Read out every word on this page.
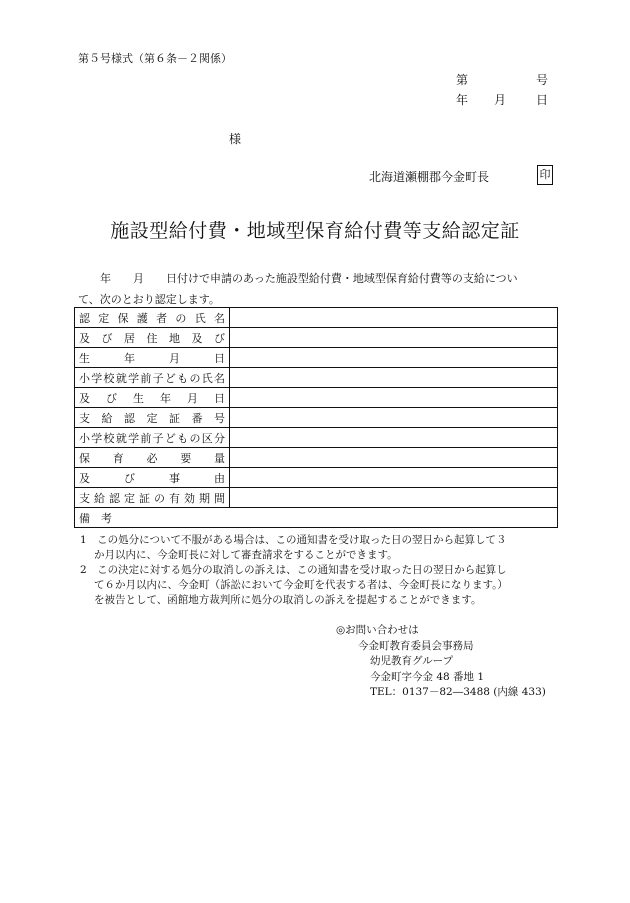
第５号様式（第６条－２関係）
第	号
年 月 日
様
北海道瀬棚郡今金町長	印
施設型給付費・地域型保育給付費等支給認定証
年　　月　　日付けで申請のあった施設型給付費・地域型保育給付費等の支給につい
て、次のとおり認定します。
認定保護者の氏名	
及び居住地及び	
生年月日	
小学校就学前子どもの氏名	
及び生年月日	
支給認定証番号	
小学校就学前子どもの区分	
保育必要量	
及び事由	
支給認定証の有効期間	
備　考	
1　この処分について不服がある場合は、この通知書を受け取った日の翌日から起算して３
か月以内に、今金町長に対して審査請求をすることができます。
2　この決定に対する処分の取消しの訴えは、この通知書を受け取った日の翌日から起算し
て６か月以内に、今金町（訴訟において今金町を代表する者は、今金町長になります。）
を被告として、函館地方裁判所に処分の取消しの訴えを提起することができます。
◎お問い合わせは
今金町教育委員会事務局
幼児教育グループ
今金町字今金 48 番地 1
TEL：0137－82―3488 (内線 433)
